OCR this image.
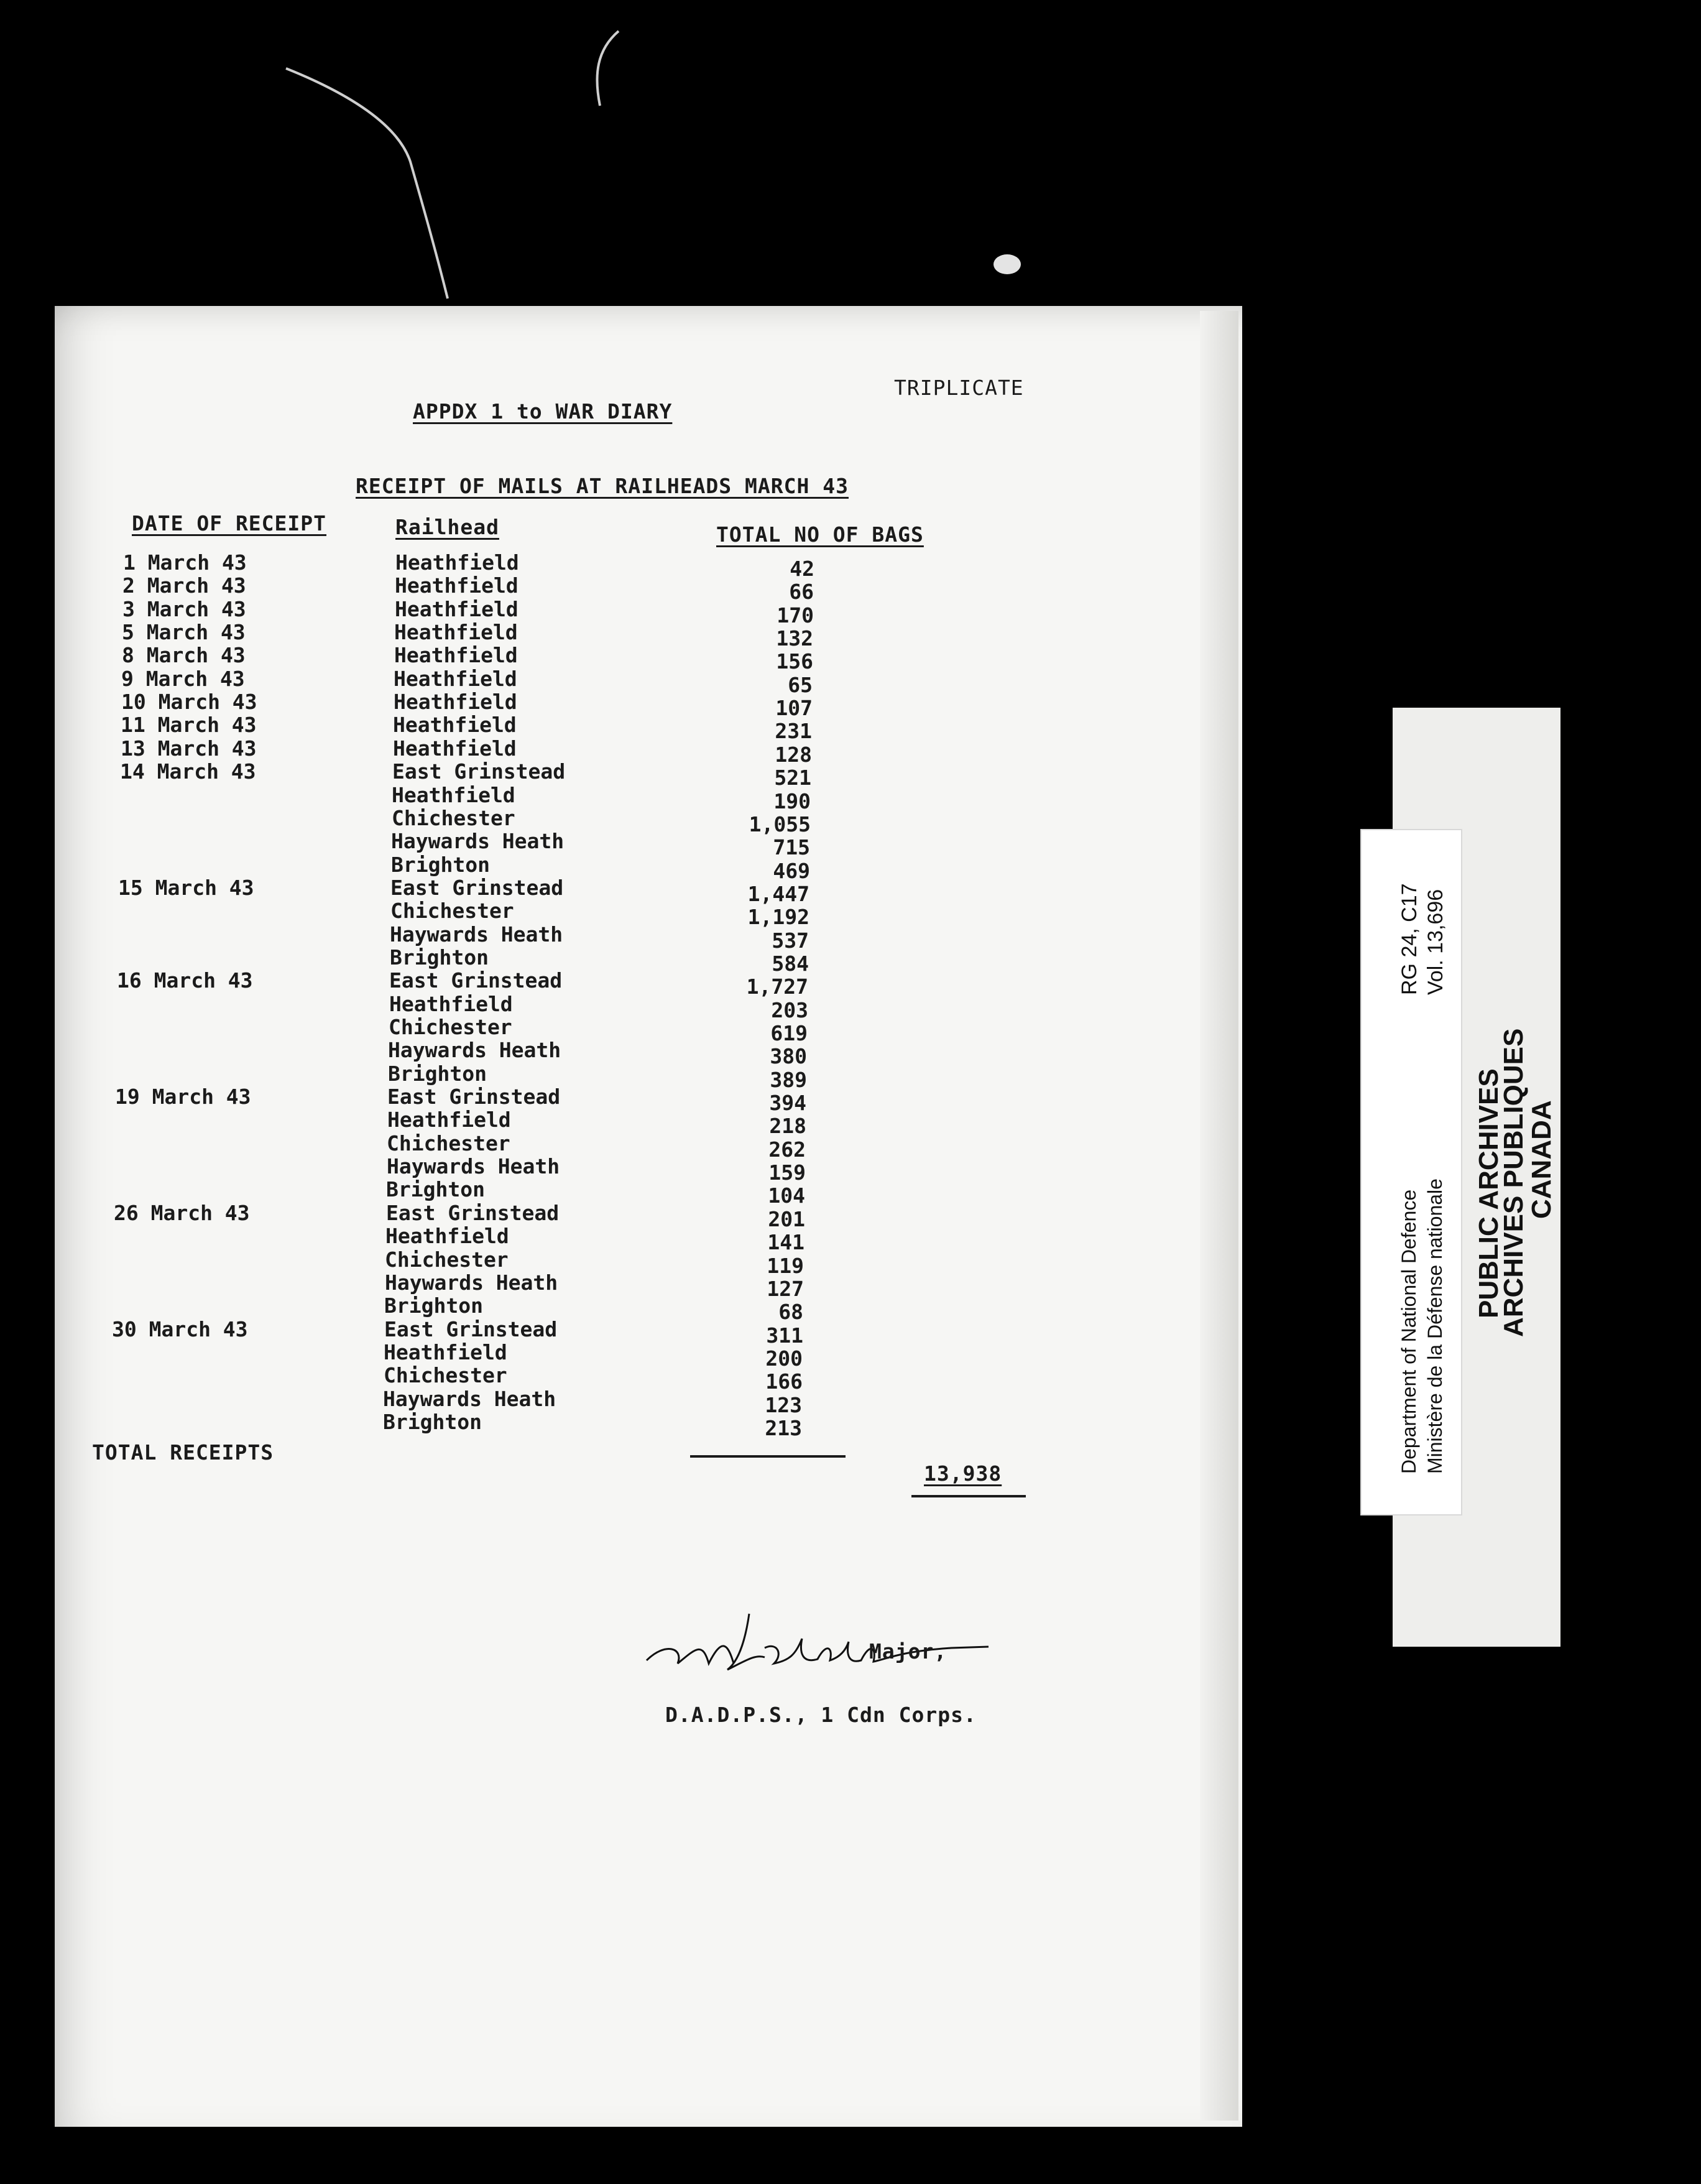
TRIPLICATE
APPDX 1 to WAR DIARY
RECEIPT OF MAILS AT RAILHEADS MARCH 43
DATE OF RECEIPT	Railhead	TOTAL NO OF BAGS
1 March 43	Heathfield	42
2 March 43	Heathfield	66
3 March 43	Heathfield	170
5 March 43	Heathfield	132
8 March 43	Heathfield	156
9 March 43	Heathfield	65
10 March 43	Heathfield	107
11 March 43	Heathfield	231
13 March 43	Heathfield	128
14 March 43	East Grinstead	521
Heathfield	190
Chichester	1,055
Haywards Heath	715
Brighton	469
15 March 43	East Grinstead	1,447
Chichester	1,192
Haywards Heath	537
Brighton	584
16 March 43	East Grinstead	1,727
Heathfield	203
Chichester	619
Haywards Heath	380
Brighton	389
19 March 43	East Grinstead	394
Heathfield	218
Chichester	262
Haywards Heath	159
Brighton	104
26 March 43	East Grinstead	201
Heathfield	141
Chichester	119
Haywards Heath	127
Brighton	68
30 March 43	East Grinstead	311
Heathfield	200
Chichester	166
Haywards Heath	123
Brighton	213
TOTAL RECEIPTS
13,938
Major,
D.A.D.P.S., 1 Cdn Corps.
RG 24, C17 Vol. 13,696
Department of National Defence Ministère de la Défense nationale PUBLIC ARCHIVES
ARCHIVES PUBLIQUES
CANADA
